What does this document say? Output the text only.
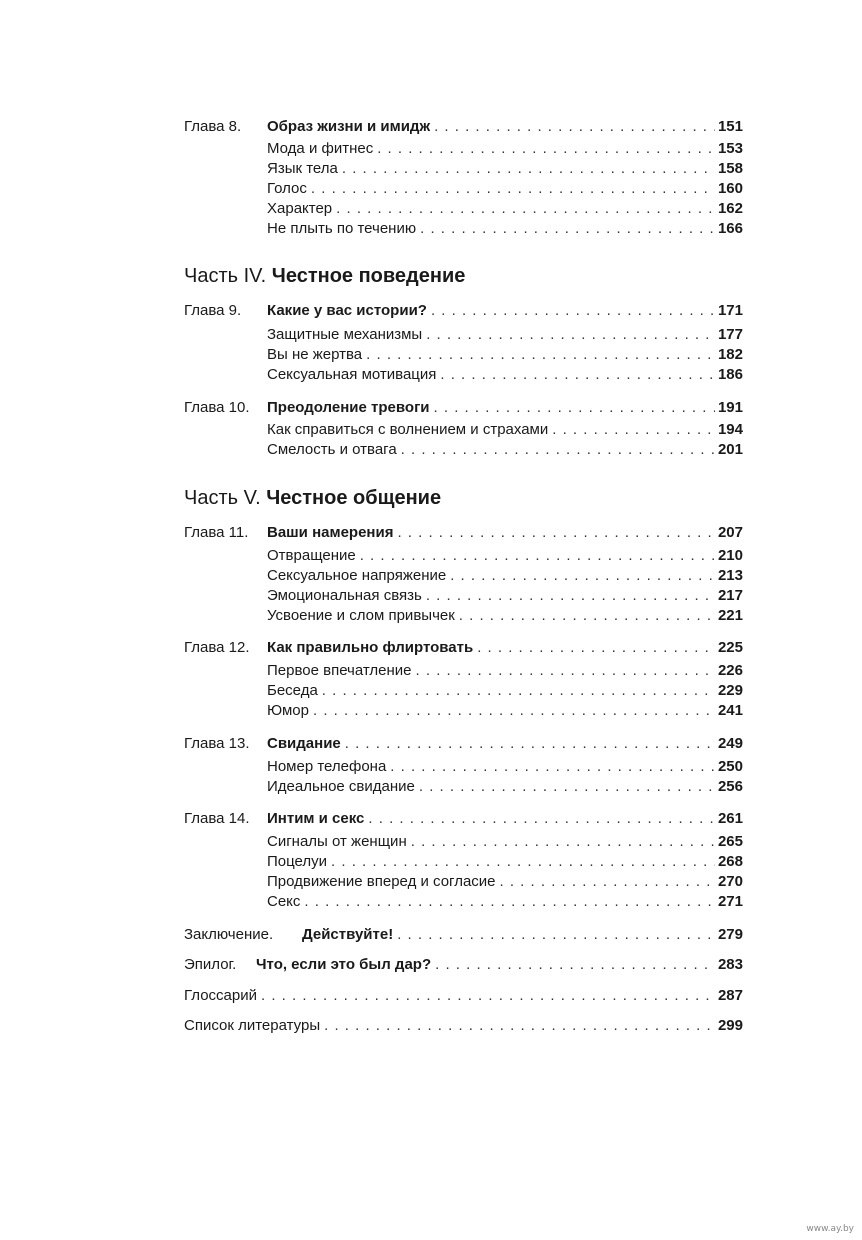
Глава 8. Образ жизни и имидж . . .	151
Мода и фитнес . . .	153
Язык тела . . .	158
Голос . . .	160
Характер . . .	162
Не плыть по течению . . .	166
Глава 9. Какие у вас истории? . . .	171
Защитные механизмы . . .	177
Вы не жертва . . .	182
Сексуальная мотивация . . .	186
Глава 10. Преодоление тревоги . . .	191
Как справиться с волнением и страхами . . .	194
Смелость и отвага . . .	201
Глава 11. Ваши намерения . . .	207
Отвращение . . .	210
Сексуальное напряжение . . .	213
Эмоциональная связь . . .	217
Усвоение и слом привычек . . .	221
Глава 12. Как правильно флиртовать . . .	225
Первое впечатление . . .	226
Беседа . . .	229
Юмор . . .	241
Глава 13. Свидание . . .	249
Номер телефона . . .	250
Идеальное свидание . . .	256
Глава 14. Интим и секс . . .	261
Сигналы от женщин . . .	265
Поцелуи . . .	268
Продвижение вперед и согласие . . .	270
Секс . . .	271
Заключение. Действуйте! . . .	279
Эпилог. Что, если это был дар? . . .	283
Глоссарий . . .	287
Список литературы . . .	299
Часть IV. Честное поведение
Часть V. Честное общение
www.ay.by
